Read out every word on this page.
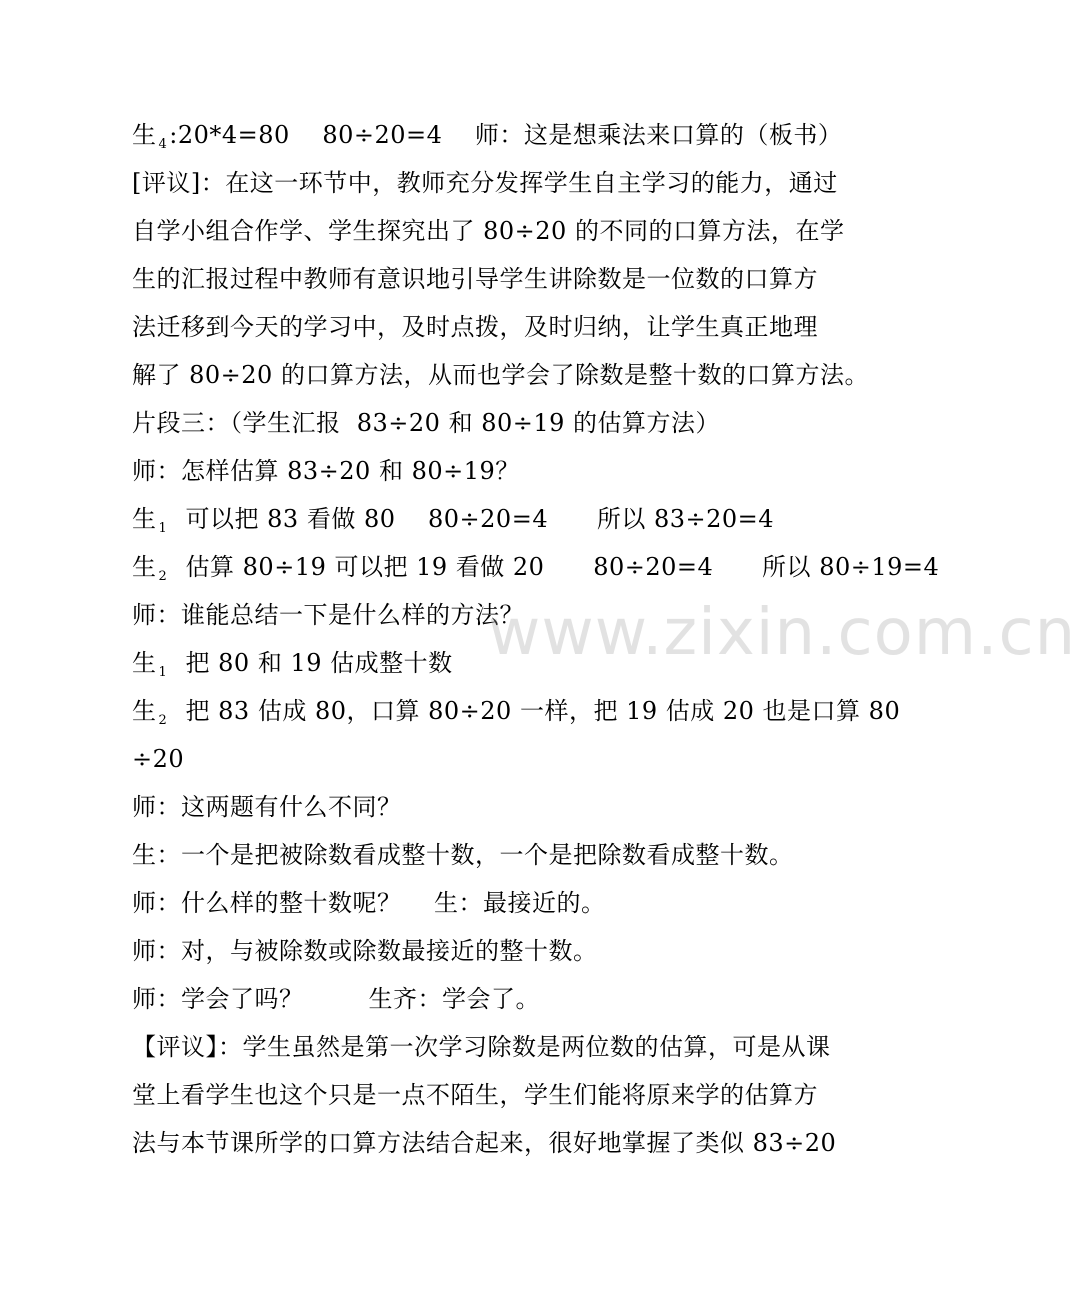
生 $_4$:20*4=80    80÷20=4    师：这是想乘法来口算的（板书）
[评议]：在这一环节中，教师充分发挥学生自主学习的能力，通过
自学小组合作学、学生探究出了 80÷20 的不同的口算方法，在学
生的汇报过程中教师有意识地引导学生讲除数是一位数的口算方
法迁移到今天的学习中，及时点拨，及时归纳，让学生真正地理
解了 80÷20 的口算方法，从而也学会了除数是整十数的口算方法。
片段三：（学生汇报  83÷20 和 80÷19 的估算方法）
师：怎样估算 83÷20 和 80÷19？
生 $_1$  可以把 83 看做 80    80÷20=4      所以 83÷20=4
生 $_2$  估算 80÷19 可以把 19 看做 20      80÷20=4      所以 80÷19=4
师：谁能总结一下是什么样的方法？
生 $_1$  把 80 和 19 估成整十数
生 $_2$  把 83 估成 80，口算 80÷20 一样，把 19 估成 20 也是口算 80
÷20
师：这两题有什么不同？
生：一个是把被除数看成整十数，一个是把除数看成整十数。
师：什么样的整十数呢？    生：最接近的。
师：对，与被除数或除数最接近的整十数。
师：学会了吗？        生齐：学会了。
【评议】：学生虽然是第一次学习除数是两位数的估算，可是从课
堂上看学生也这个只是一点不陌生，学生们能将原来学的估算方
法与本节课所学的口算方法结合起来，很好地掌握了类似 83÷20
www.zixin.com.cn
